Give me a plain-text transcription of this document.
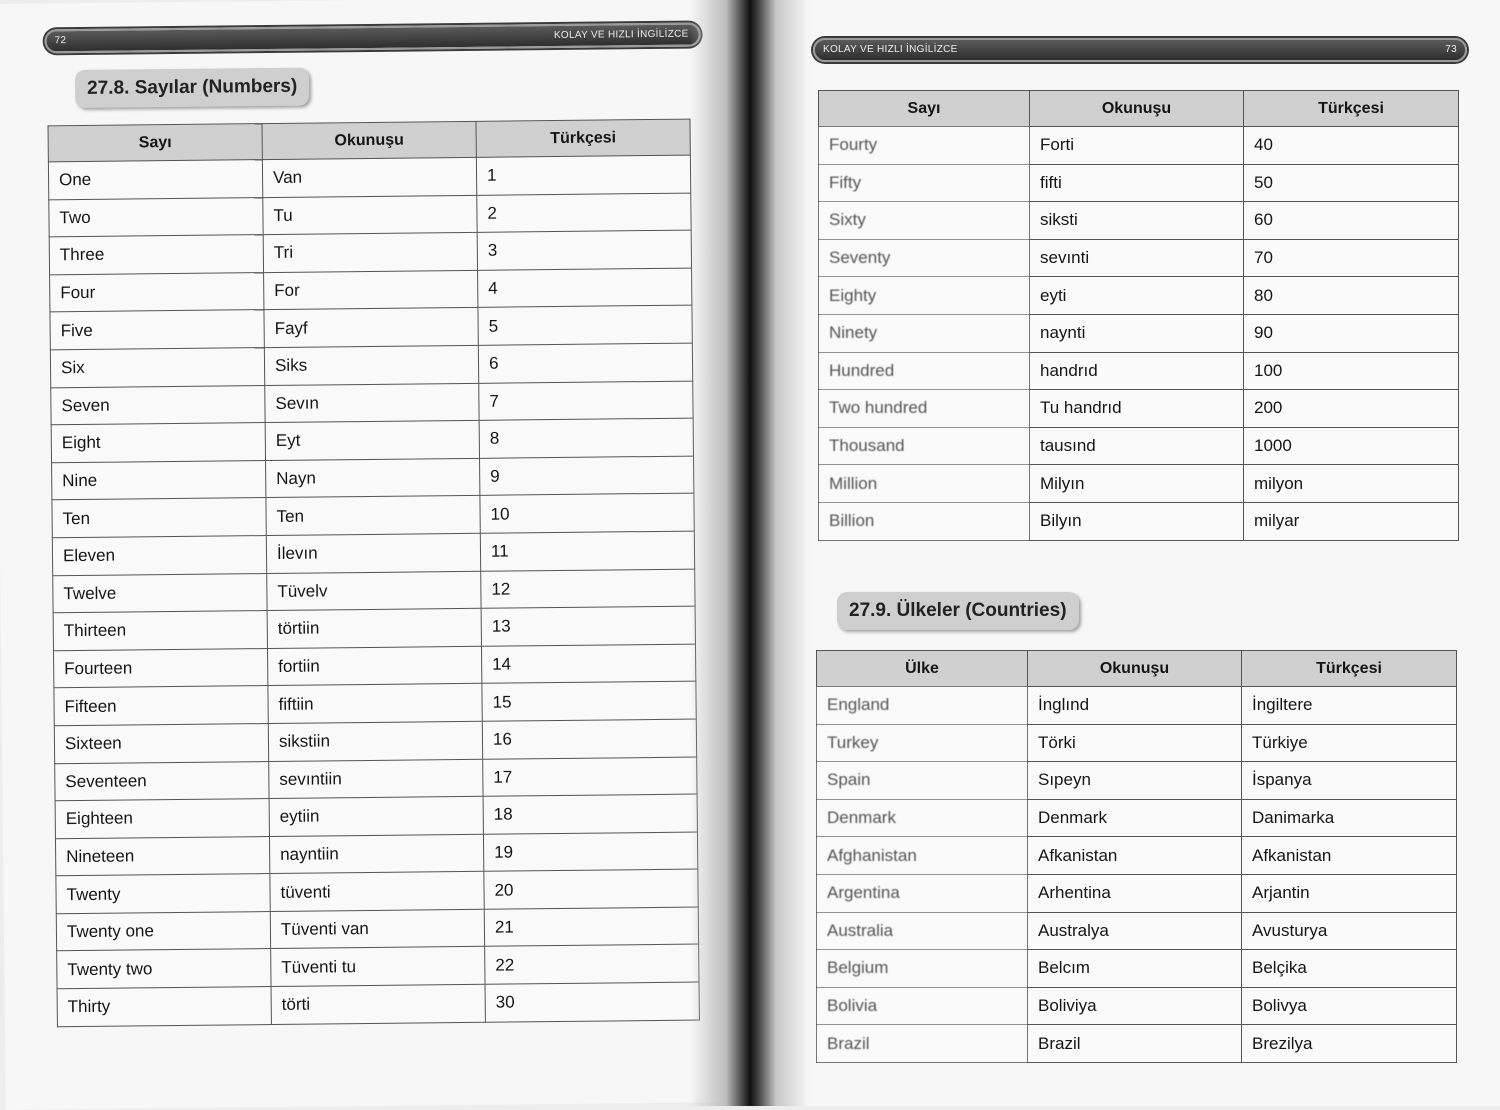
72	KOLAY VE HIZLI İNGİLİZCE
27.8. Sayılar (Numbers)
Sayı	Okunuşu	Türkçesi
One	Van	1
Two	Tu	2
Three	Tri	3
Four	For	4
Five	Fayf	5
Six	Siks	6
Seven	Sevın	7
Eight	Eyt	8
Nine	Nayn	9
Ten	Ten	10
Eleven	İlevın	11
Twelve	Tüvelv	12
Thirteen	törtiin	13
Fourteen	fortiin	14
Fifteen	fiftiin	15
Sixteen	sikstiin	16
Seventeen	sevıntiin	17
Eighteen	eytiin	18
Nineteen	nayntiin	19
Twenty	tüventi	20
Twenty one	Tüventi van	21
Twenty two	Tüventi tu	22
Thirty	törti	30
KOLAY VE HIZLI İNGİLİZCE	73
Sayı	Okunuşu	Türkçesi
Fourty	Forti	40
Fifty	fifti	50
Sixty	siksti	60
Seventy	sevınti	70
Eighty	eyti	80
Ninety	naynti	90
Hundred	handrıd	100
Two hundred	Tu handrıd	200
Thousand	tausınd	1000
Million	Milyın	milyon
Billion	Bilyın	milyar
27.9. Ülkeler (Countries)
Ülke	Okunuşu	Türkçesi
England	İnglınd	İngiltere
Turkey	Törki	Türkiye
Spain	Sıpeyn	İspanya
Denmark	Denmark	Danimarka
Afghanistan	Afkanistan	Afkanistan
Argentina	Arhentina	Arjantin
Australia	Australya	Avusturya
Belgium	Belcım	Belçika
Bolivia	Boliviya	Bolivya
Brazil	Brazil	Brezilya
